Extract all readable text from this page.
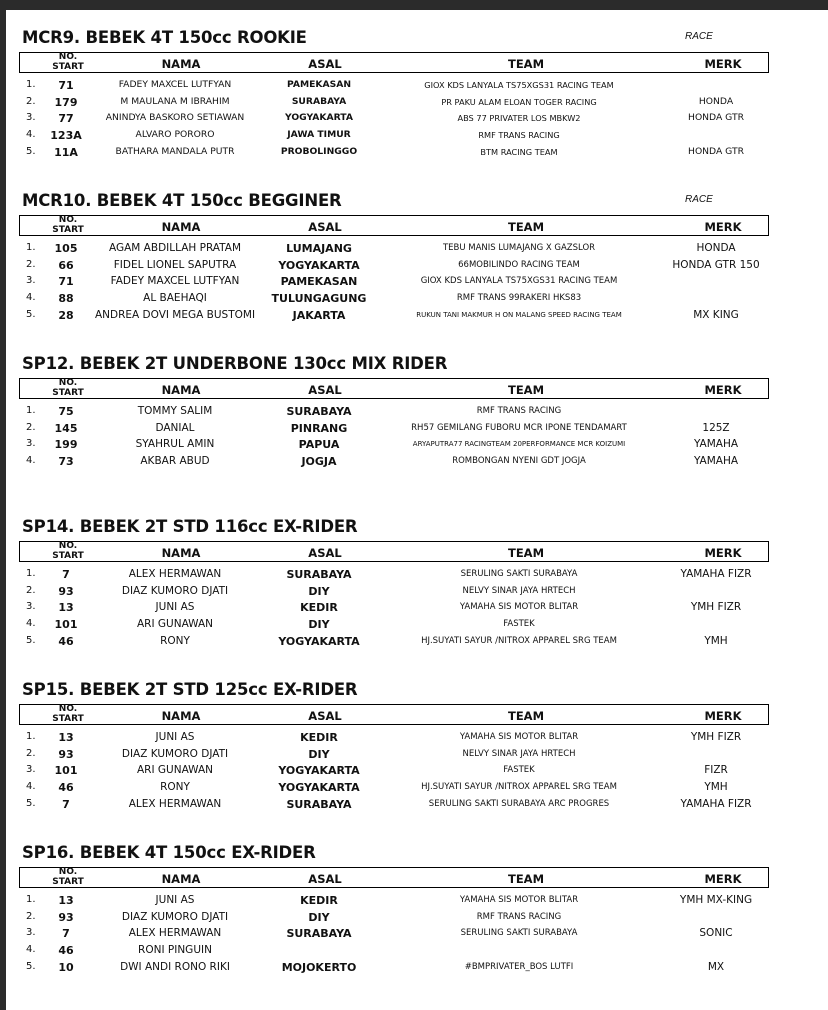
MCR9. BEBEK 4T 150cc ROOKIE	RACE
NO.
START	NAMA	ASAL	TEAM	MERK
1. 71	FADEY MAXCEL LUTFYAN	PAMEKASAN	GIOX KDS LANYALA TS75XGS31 RACING TEAM
2. 179	M MAULANA M IBRAHIM	SURABAYA	PR PAKU ALAM ELOAN TOGER RACING	HONDA
3. 77	ANINDYA BASKORO SETIAWAN	YOGYAKARTA	ABS 77 PRIVATER LOS MBKW2	HONDA GTR
4. 123A	ALVARO PORORO	JAWA TIMUR	RMF TRANS RACING
5. 11A	BATHARA MANDALA PUTR	PROBOLINGGO	BTM RACING TEAM	HONDA GTR
MCR10. BEBEK 4T 150cc BEGGINER	RACE
NO.
START	NAMA	ASAL	TEAM	MERK
1. 105	AGAM ABDILLAH PRATAM	LUMAJANG	TEBU MANIS LUMAJANG X GAZSLOR	HONDA
2. 66	FIDEL LIONEL SAPUTRA	YOGYAKARTA	66MOBILINDO RACING TEAM	HONDA GTR 150
3. 71	FADEY MAXCEL LUTFYAN	PAMEKASAN	GIOX KDS LANYALA TS75XGS31 RACING TEAM
4. 88	AL BAEHAQI	TULUNGAGUNG	RMF TRANS 99RAKERI HKS83
5. 28 ANDREA DOVI MEGA BUSTOMI	JAKARTA	RUKUN TANI MAKMUR H ON MALANG SPEED RACING TEAM	MX KING
SP12. BEBEK 2T UNDERBONE 130cc MIX RIDER
NO.
START	NAMA	ASAL	TEAM	MERK
1. 75	TOMMY SALIM	SURABAYA	RMF TRANS RACING
2. 145	DANIAL	PINRANG	RH57 GEMILANG FUBORU MCR IPONE TENDAMART	125Z
3. 199	SYAHRUL AMIN	PAPUA	ARYAPUTRA77 RACINGTEAM 20PERFORMANCE MCR KOIZUMI	YAMAHA
4. 73	AKBAR ABUD	JOGJA	ROMBONGAN NYENI GDT JOGJA	YAMAHA
SP14. BEBEK 2T STD 116cc EX-RIDER
NO.
START	NAMA	ASAL	TEAM	MERK
1. 7	ALEX HERMAWAN	SURABAYA	SERULING SAKTI SURABAYA	YAMAHA FIZR
2. 93	DIAZ KUMORO DJATI	DIY	NELVY SINAR JAYA HRTECH
3. 13	JUNI AS	KEDIR	YAMAHA SIS MOTOR BLITAR	YMH FIZR
4. 101	ARI GUNAWAN	DIY	FASTEK
5. 46	RONY	YOGYAKARTA	HJ.SUYATI SAYUR /NITROX APPAREL SRG TEAM	YMH
SP15. BEBEK 2T STD 125cc EX-RIDER
NO.
START	NAMA	ASAL	TEAM	MERK
1. 13	JUNI AS	KEDIR	YAMAHA SIS MOTOR BLITAR	YMH FIZR
2. 93	DIAZ KUMORO DJATI	DIY	NELVY SINAR JAYA HRTECH
3. 101	ARI GUNAWAN	YOGYAKARTA	FASTEK	FIZR
4. 46	RONY	YOGYAKARTA	HJ.SUYATI SAYUR /NITROX APPAREL SRG TEAM	YMH
5. 7	ALEX HERMAWAN	SURABAYA	SERULING SAKTI SURABAYA ARC PROGRES	YAMAHA FIZR
SP16. BEBEK 4T 150cc EX-RIDER
NO.
START	NAMA	ASAL	TEAM	MERK
1. 13	JUNI AS	KEDIR	YAMAHA SIS MOTOR BLITAR	YMH MX-KING
2. 93	DIAZ KUMORO DJATI	DIY	RMF TRANS RACING
3. 7	ALEX HERMAWAN	SURABAYA	SERULING SAKTI SURABAYA	SONIC
4. 46	RONI PINGUIN
5. 10	DWI ANDI RONO RIKI	MOJOKERTO	#BMPRIVATER_BOS LUTFI	MX
